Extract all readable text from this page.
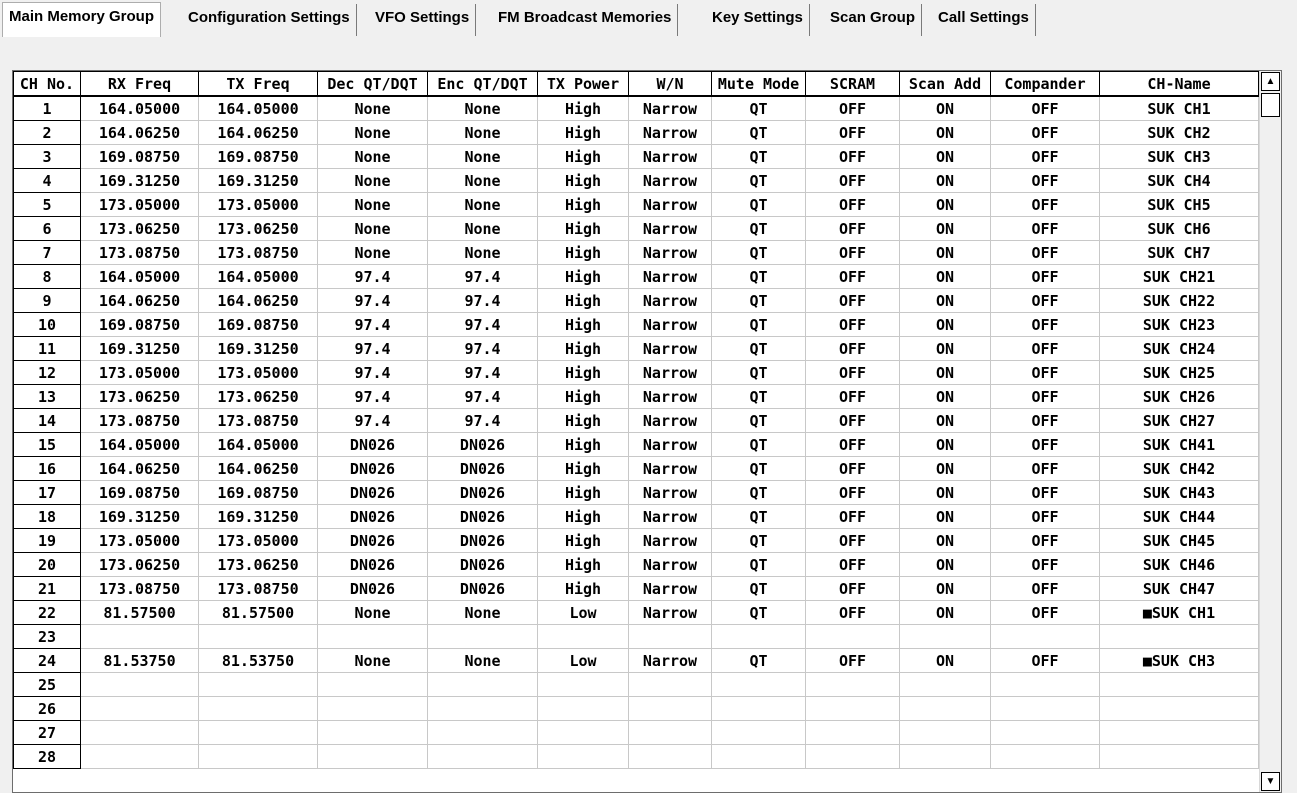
Main Memory Group	Configuration Settings	VFO Settings	FM Broadcast Memories	Key Settings	Scan Group	Call Settings
CH No.	RX Freq	TX Freq	Dec QT/DQT	Enc QT/DQT	TX Power	W/N	Mute Mode	SCRAM	Scan Add	Compander	CH-Name
1	164.05000	164.05000	None	None	High	Narrow	QT	OFF	ON	OFF	SUK CH1
2	164.06250	164.06250	None	None	High	Narrow	QT	OFF	ON	OFF	SUK CH2
3	169.08750	169.08750	None	None	High	Narrow	QT	OFF	ON	OFF	SUK CH3
4	169.31250	169.31250	None	None	High	Narrow	QT	OFF	ON	OFF	SUK CH4
5	173.05000	173.05000	None	None	High	Narrow	QT	OFF	ON	OFF	SUK CH5
6	173.06250	173.06250	None	None	High	Narrow	QT	OFF	ON	OFF	SUK CH6
7	173.08750	173.08750	None	None	High	Narrow	QT	OFF	ON	OFF	SUK CH7
8	164.05000	164.05000	97.4	97.4	High	Narrow	QT	OFF	ON	OFF	SUK CH21
9	164.06250	164.06250	97.4	97.4	High	Narrow	QT	OFF	ON	OFF	SUK CH22
10	169.08750	169.08750	97.4	97.4	High	Narrow	QT	OFF	ON	OFF	SUK CH23
11	169.31250	169.31250	97.4	97.4	High	Narrow	QT	OFF	ON	OFF	SUK CH24
12	173.05000	173.05000	97.4	97.4	High	Narrow	QT	OFF	ON	OFF	SUK CH25
13	173.06250	173.06250	97.4	97.4	High	Narrow	QT	OFF	ON	OFF	SUK CH26
14	173.08750	173.08750	97.4	97.4	High	Narrow	QT	OFF	ON	OFF	SUK CH27
15	164.05000	164.05000	DN026	DN026	High	Narrow	QT	OFF	ON	OFF	SUK CH41
16	164.06250	164.06250	DN026	DN026	High	Narrow	QT	OFF	ON	OFF	SUK CH42
17	169.08750	169.08750	DN026	DN026	High	Narrow	QT	OFF	ON	OFF	SUK CH43
18	169.31250	169.31250	DN026	DN026	High	Narrow	QT	OFF	ON	OFF	SUK CH44
19	173.05000	173.05000	DN026	DN026	High	Narrow	QT	OFF	ON	OFF	SUK CH45
20	173.06250	173.06250	DN026	DN026	High	Narrow	QT	OFF	ON	OFF	SUK CH46
21	173.08750	173.08750	DN026	DN026	High	Narrow	QT	OFF	ON	OFF	SUK CH47
22	81.57500	81.57500	None	None	Low	Narrow	QT	OFF	ON	OFF	■SUK CH1
23											
24	81.53750	81.53750	None	None	Low	Narrow	QT	OFF	ON	OFF	■SUK CH3
25											
26											
27											
28											
▲
▼
